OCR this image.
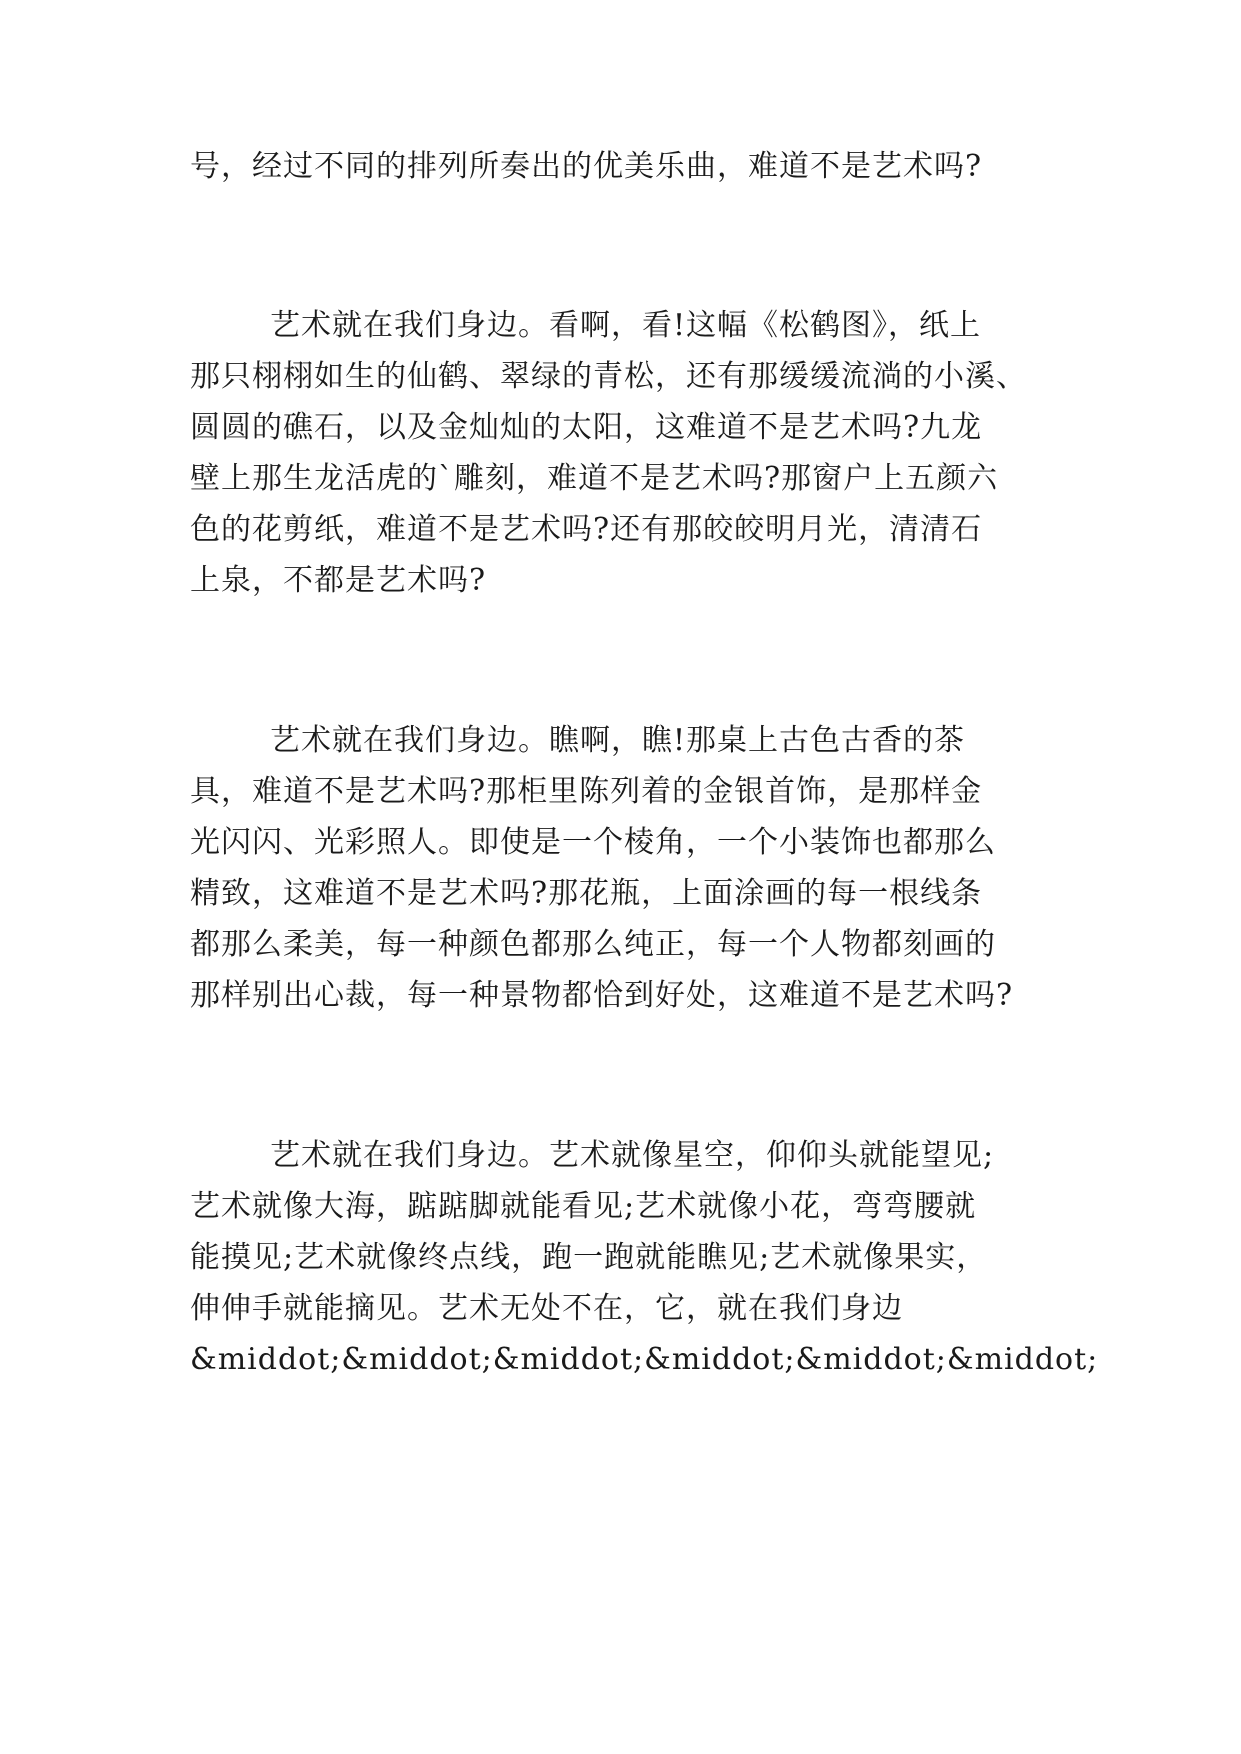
号，经过不同的排列所奏出的优美乐曲，难道不是艺术吗?
艺术就在我们身边。看啊，看!这幅《松鹤图》，纸上
那只栩栩如生的仙鹤、翠绿的青松，还有那缓缓流淌的小溪、
圆圆的礁石，以及金灿灿的太阳，这难道不是艺术吗?九龙
壁上那生龙活虎的`雕刻，难道不是艺术吗?那窗户上五颜六
色的花剪纸，难道不是艺术吗?还有那皎皎明月光，清清石
上泉，不都是艺术吗?
艺术就在我们身边。瞧啊，瞧!那桌上古色古香的茶
具，难道不是艺术吗?那柜里陈列着的金银首饰，是那样金
光闪闪、光彩照人。即使是一个棱角，一个小装饰也都那么
精致，这难道不是艺术吗?那花瓶，上面涂画的每一根线条
都那么柔美，每一种颜色都那么纯正，每一个人物都刻画的
那样别出心裁，每一种景物都恰到好处，这难道不是艺术吗?
艺术就在我们身边。艺术就像星空，仰仰头就能望见;
艺术就像大海，踮踮脚就能看见;艺术就像小花，弯弯腰就
能摸见;艺术就像终点线，跑一跑就能瞧见;艺术就像果实，
伸伸手就能摘见。艺术无处不在，它，就在我们身边
&middot;&middot;&middot;&middot;&middot;&middot;
